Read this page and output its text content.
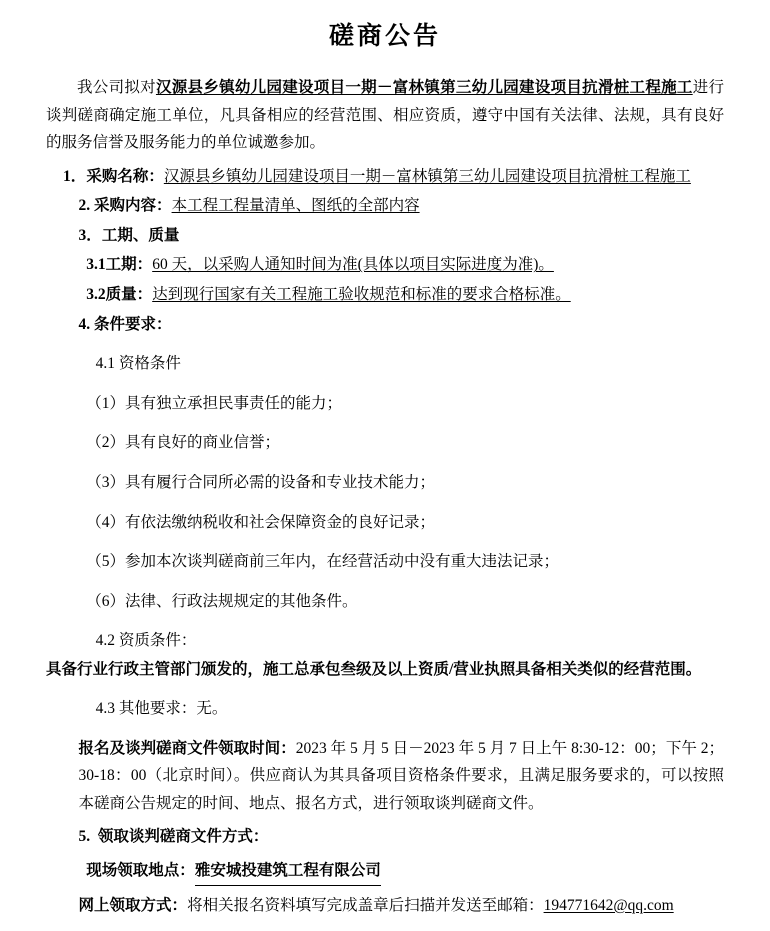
磋商公告

我公司拟对汉源县乡镇幼儿园建设项目一期－富林镇第三幼儿园建设项目抗滑桩工程施工进行谈判磋商确定施工单位，凡具备相应的经营范围、相应资质，遵守中国有关法律、法规，具有良好的服务信誉及服务能力的单位诚邀参加。

1．采购名称：汉源县乡镇幼儿园建设项目一期－富林镇第三幼儿园建设项目抗滑桩工程施工

2. 采购内容：本工程工程量清单、图纸的全部内容

3．工期、质量

3.1工期：60 天，以采购人通知时间为准(具体以项目实际进度为准)。

3.2质量：达到现行国家有关工程施工验收规范和标准的要求合格标准。

4. 条件要求：

4.1 资格条件

（1）具有独立承担民事责任的能力；

（2）具有良好的商业信誉；

（3）具有履行合同所必需的设备和专业技术能力；

（4）有依法缴纳税收和社会保障资金的良好记录；

（5）参加本次谈判磋商前三年内，在经营活动中没有重大违法记录；

（6）法律、行政法规规定的其他条件。

4.2 资质条件：

具备行业行政主管部门颁发的，施工总承包叁级及以上资质/营业执照具备相关类似的经营范围。

4.3 其他要求：无。

报名及谈判磋商文件领取时间：2023 年 5 月 5 日－2023 年 5 月 7 日上午 8:30-12：00；下午 2；30-18：00（北京时间）。供应商认为其具备项目资格条件要求，且满足服务要求的，可以按照本磋商公告规定的时间、地点、报名方式，进行领取谈判磋商文件。

5. 领取谈判磋商文件方式：

现场领取地点：雅安城投建筑工程有限公司

网上领取方式：将相关报名资料填写完成盖章后扫描并发送至邮箱：194771642@qq.com
